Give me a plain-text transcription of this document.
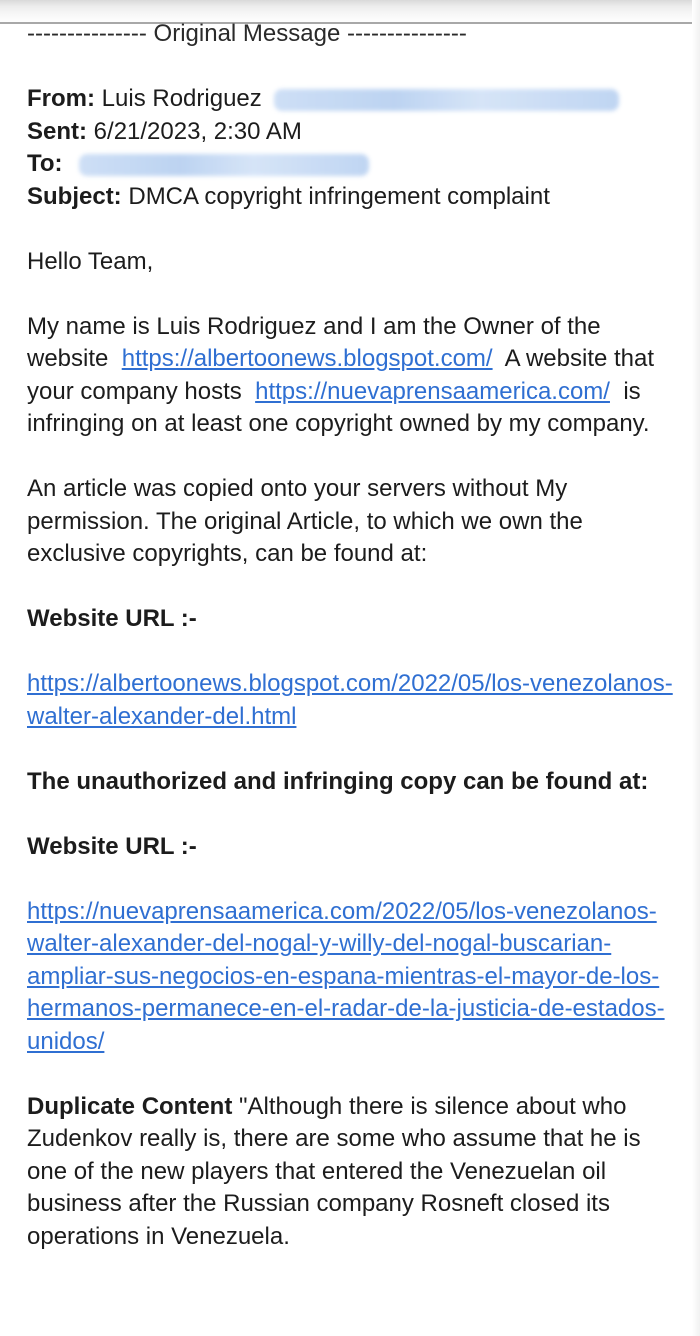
--------------- Original Message ---------------
From: Luis Rodriguez
Sent: 6/21/2023, 2:30 AM
To:
Subject: DMCA copyright infringement complaint

Hello Team,

My name is Luis Rodriguez and I am the Owner of the website https://albertoonews.blogspot.com/ A website that your company hosts https://nuevaprensaamerica.com/ is infringing on at least one copyright owned by my company.

An article was copied onto your servers without My permission. The original Article, to which we own the exclusive copyrights, can be found at:

Website URL :-

https://albertoonews.blogspot.com/2022/05/los-venezolanos-walter-alexander-del.html

The unauthorized and infringing copy can be found at:

Website URL :-

https://nuevaprensaamerica.com/2022/05/los-venezolanos-walter-alexander-del-nogal-y-willy-del-nogal-buscarian-ampliar-sus-negocios-en-espana-mientras-el-mayor-de-los-hermanos-permanece-en-el-radar-de-la-justicia-de-estados-unidos/

Duplicate Content "Although there is silence about who Zudenkov really is, there are some who assume that he is one of the new players that entered the Venezuelan oil business after the Russian company Rosneft closed its operations in Venezuela.
